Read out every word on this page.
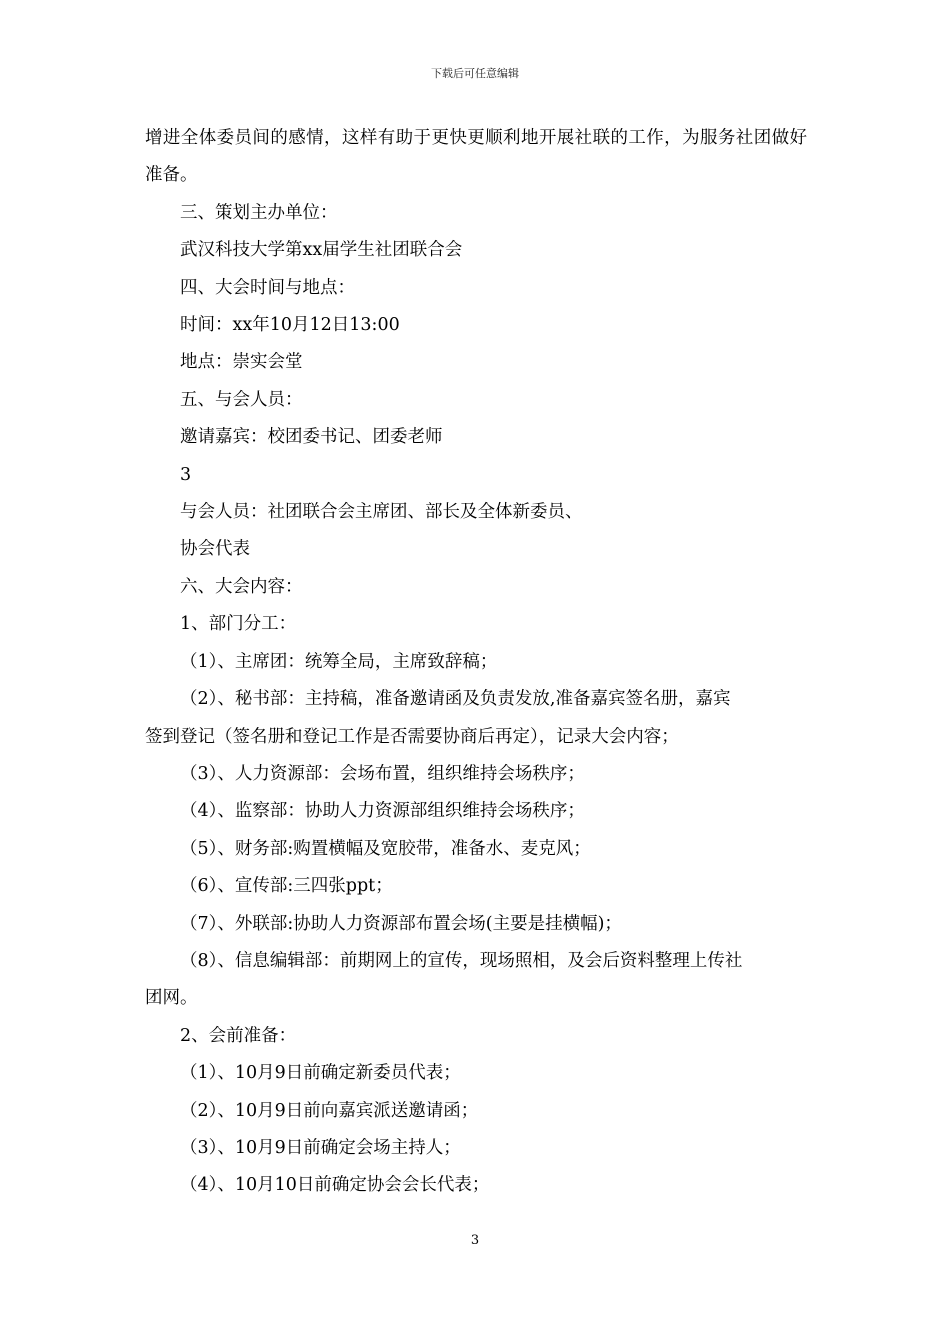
下载后可任意编辑

增进全体委员间的感情，这样有助于更快更顺利地开展社联的工作，为服务社团做好准备。

三、策划主办单位：

武汉科技大学第xx届学生社团联合会

四、大会时间与地点：

时间：xx年10月12日13:00

地点：崇实会堂

五、与会人员：

邀请嘉宾：校团委书记、团委老师

3

与会人员：社团联合会主席团、部长及全体新委员、

协会代表

六、大会内容：

1、部门分工：

（1）、主席团：统筹全局，主席致辞稿；

（2）、秘书部：主持稿，准备邀请函及负责发放,准备嘉宾签名册，嘉宾

签到登记（签名册和登记工作是否需要协商后再定），记录大会内容；

（3）、人力资源部：会场布置，组织维持会场秩序；

（4）、监察部：协助人力资源部组织维持会场秩序；

（5）、财务部:购置横幅及宽胶带，准备水、麦克风；

（6）、宣传部:三四张ppt；

（7）、外联部:协助人力资源部布置会场(主要是挂横幅)；

（8）、信息编辑部：前期网上的宣传，现场照相，及会后资料整理上传社

团网。

2、会前准备：

（1）、10月9日前确定新委员代表；

（2）、10月9日前向嘉宾派送邀请函；

（3）、10月9日前确定会场主持人；

（4）、10月10日前确定协会会长代表；

3
